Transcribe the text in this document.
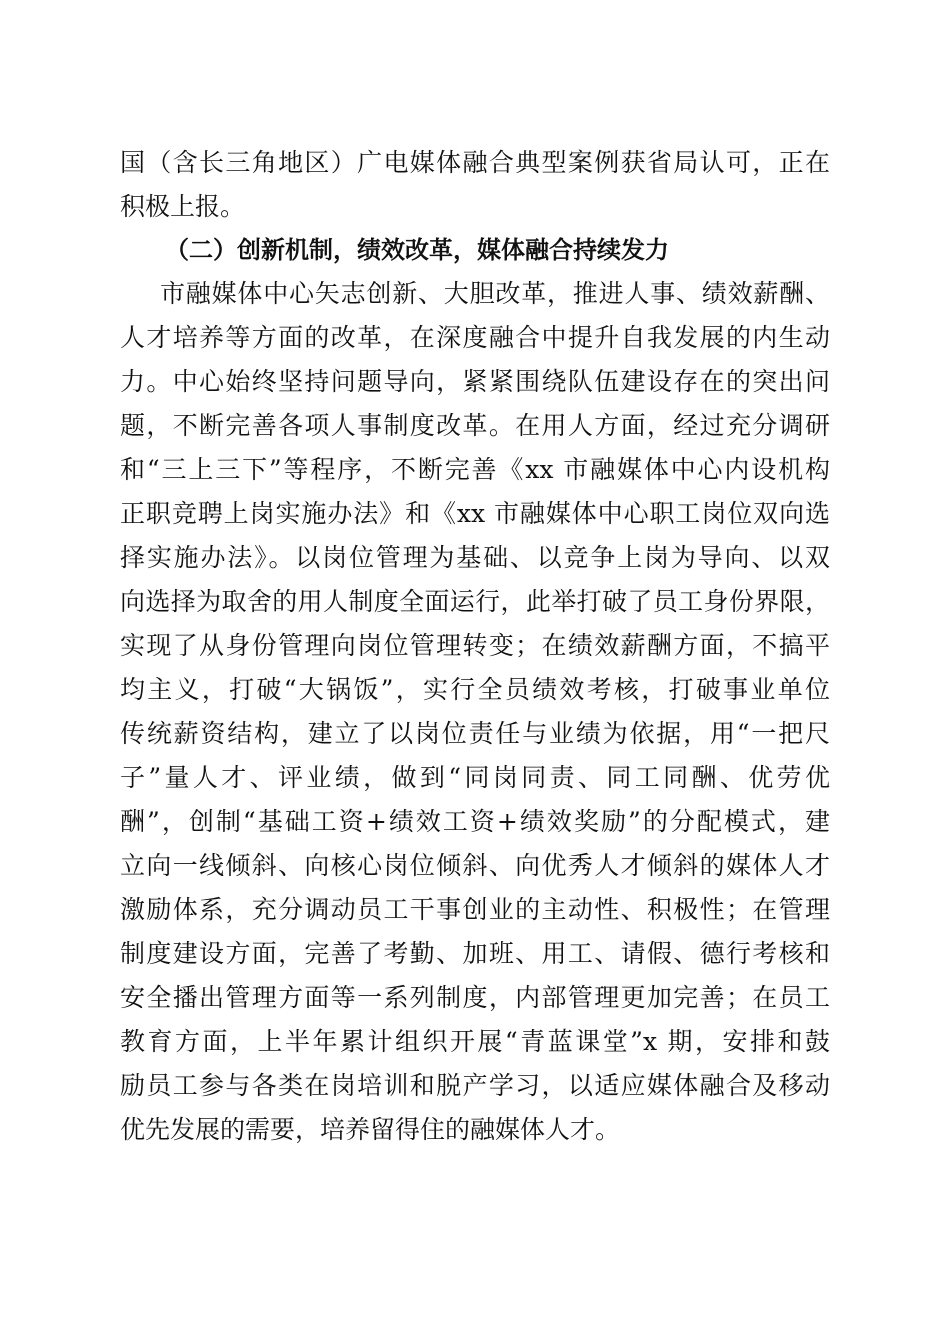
国（含长三角地区）广电媒体融合典型案例获省局认可，正在

积极上报。

（二）创新机制，绩效改革，媒体融合持续发力

市融媒体中心矢志创新、大胆改革，推进人事、绩效薪酬、

人才培养等方面的改革，在深度融合中提升自我发展的内生动

力。中心始终坚持问题导向，紧紧围绕队伍建设存在的突出问

题，不断完善各项人事制度改革。在用人方面，经过充分调研

和“三上三下”等程序，不断完善《xx 市融媒体中心内设机构

正职竞聘上岗实施办法》和《xx 市融媒体中心职工岗位双向选

择实施办法》。以岗位管理为基础、以竞争上岗为导向、以双

向选择为取舍的用人制度全面运行，此举打破了员工身份界限，

实现了从身份管理向岗位管理转变；在绩效薪酬方面，不搞平

均主义，打破“大锅饭”，实行全员绩效考核，打破事业单位

传统薪资结构，建立了以岗位责任与业绩为依据，用“一把尺

子”量人才、评业绩，做到“同岗同责、同工同酬、优劳优

酬”，创制“基础工资+绩效工资+绩效奖励”的分配模式，建

立向一线倾斜、向核心岗位倾斜、向优秀人才倾斜的媒体人才

激励体系，充分调动员工干事创业的主动性、积极性；在管理

制度建设方面，完善了考勤、加班、用工、请假、德行考核和

安全播出管理方面等一系列制度，内部管理更加完善；在员工

教育方面，上半年累计组织开展“青蓝课堂”x 期，安排和鼓

励员工参与各类在岗培训和脱产学习，以适应媒体融合及移动

优先发展的需要，培养留得住的融媒体人才。
